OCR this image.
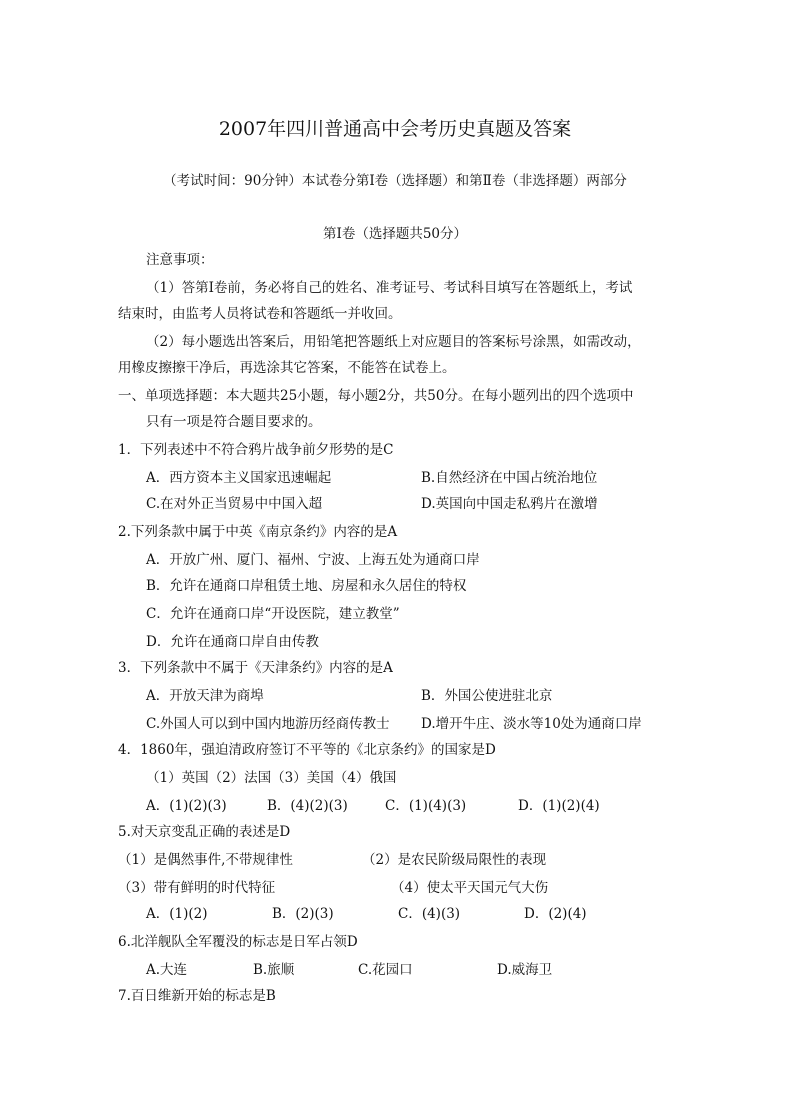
2007年四川普通高中会考历史真题及答案
（考试时间：90分钟）本试卷分第Ⅰ卷（选择题）和第Ⅱ卷（非选择题）两部分
第Ⅰ卷（选择题共50分）
注意事项：
（1）答第Ⅰ卷前，务必将自己的姓名、准考证号、考试科目填写在答题纸上，考试
结束时，由监考人员将试卷和答题纸一并收回。
（2）每小题选出答案后，用铅笔把答题纸上对应题目的答案标号涂黑，如需改动，
用橡皮擦擦干净后，再选涂其它答案，不能答在试卷上。
一、单项选择题：本大题共25小题，每小题2分，共50分。在每小题列出的四个选项中
只有一项是符合题目要求的。
1．下列表述中不符合鸦片战争前夕形势的是C
A．西方资本主义国家迅速崛起	B.自然经济在中国占统治地位
C.在对外正当贸易中中国入超	D.英国向中国走私鸦片在激增
2.下列条款中属于中英《南京条约》内容的是A
A．开放广州、厦门、福州、宁波、上海五处为通商口岸
B．允许在通商口岸租赁土地、房屋和永久居住的特权
C．允许在通商口岸“开设医院，建立教堂”
D．允许在通商口岸自由传教
3．下列条款中不属于《天津条约》内容的是A
A．开放天津为商埠	B．外国公使进驻北京
C.外国人可以到中国内地游历经商传教士 D.增开牛庄、淡水等10处为通商口岸
4．1860年，强迫清政府签订不平等的《北京条约》的国家是D
（1）英国（2）法国（3）美国（4）俄国
A．(1)(2)(3)	B．(4)(2)(3)	C．(1)(4)(3)	D．(1)(2)(4)
5.对天京变乱正确的表述是D
（1）是偶然事件,不带规律性	（2）是农民阶级局限性的表现
（3）带有鲜明的时代特征	（4）使太平天国元气大伤
A．(1)(2)	B．(2)(3)	C．(4)(3)	D．(2)(4)
6.北洋舰队全军覆没的标志是日军占领D
A.大连	B.旅顺	C.花园口	D.威海卫
7.百日维新开始的标志是B
